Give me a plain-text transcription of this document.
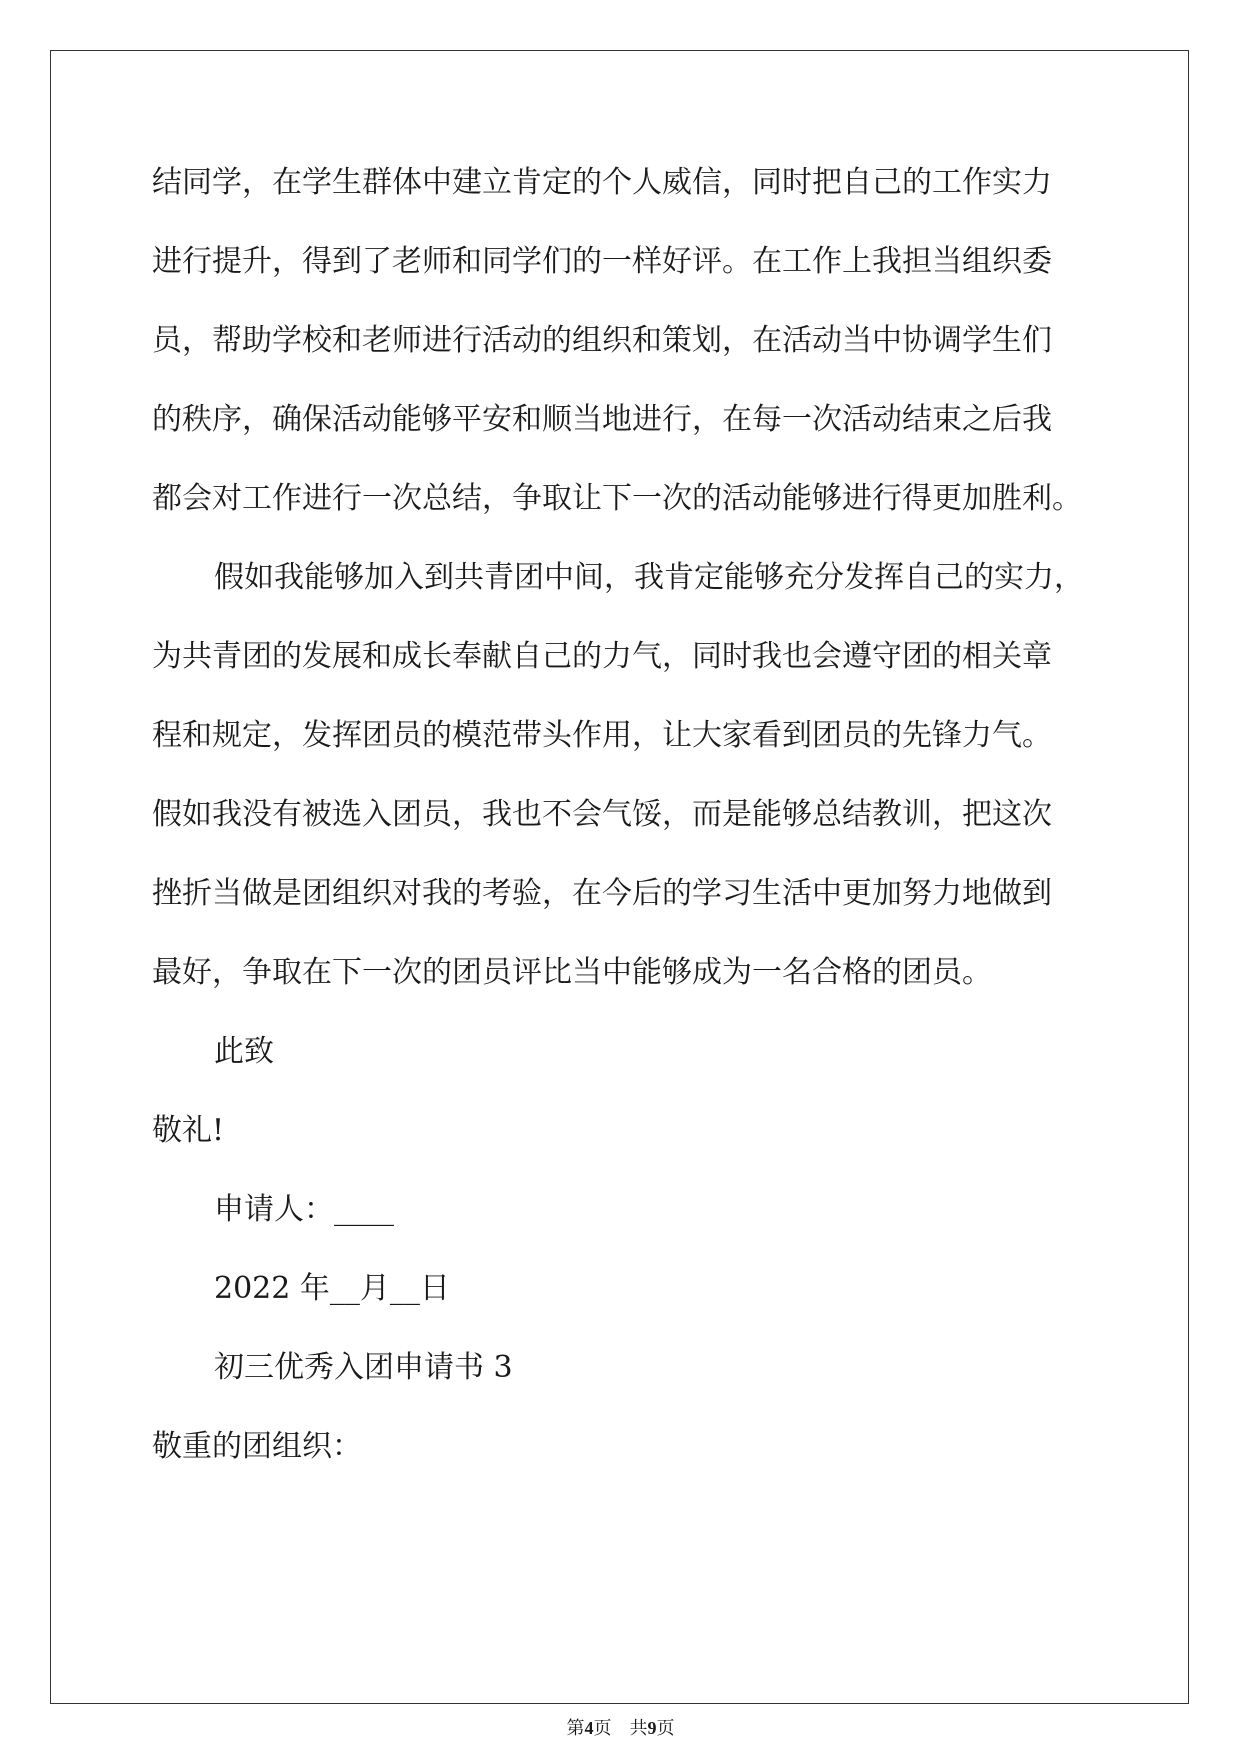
结同学，在学生群体中建立肯定的个人威信，同时把自己的工作实力
进行提升，得到了老师和同学们的一样好评。在工作上我担当组织委
员，帮助学校和老师进行活动的组织和策划，在活动当中协调学生们
的秩序，确保活动能够平安和顺当地进行，在每一次活动结束之后我
都会对工作进行一次总结，争取让下一次的活动能够进行得更加胜利。
假如我能够加入到共青团中间，我肯定能够充分发挥自己的实力，
为共青团的发展和成长奉献自己的力气，同时我也会遵守团的相关章
程和规定，发挥团员的模范带头作用，让大家看到团员的先锋力气。
假如我没有被选入团员，我也不会气馁，而是能够总结教训，把这次
挫折当做是团组织对我的考验，在今后的学习生活中更加努力地做到
最好，争取在下一次的团员评比当中能够成为一名合格的团员。
此致
敬礼!
申请人：____
2022 年__月__日
初三优秀入团申请书 3
敬重的团组织：
第4页　共9页
